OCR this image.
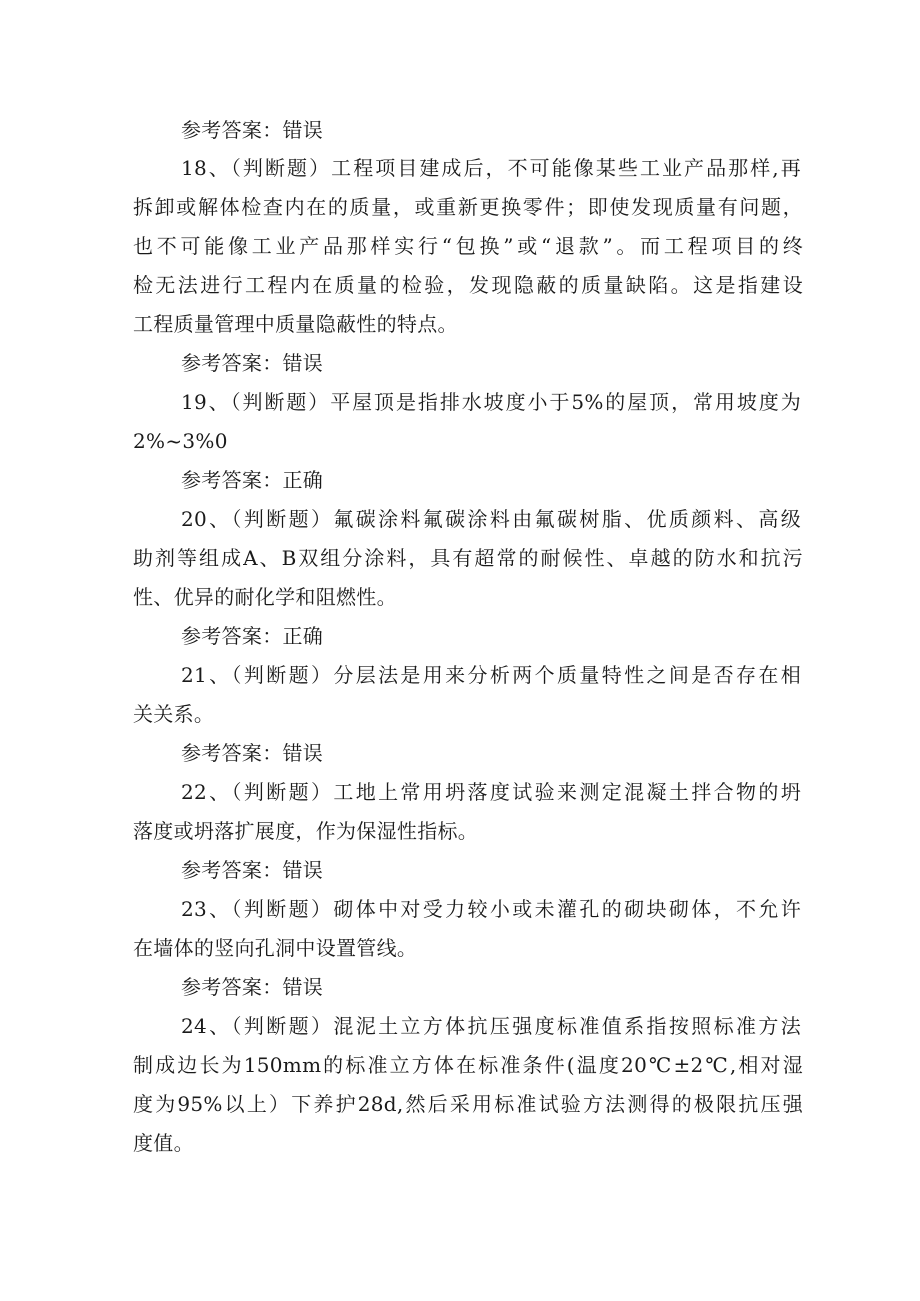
参考答案：错误
18、（判断题）工程项目建成后，不可能像某些工业产品那样,再
拆卸或解体检查内在的质量，或重新更换零件；即使发现质量有问题，
也不可能像工业产品那样实行“包换”或“退款”。而工程项目的终
检无法进行工程内在质量的检验，发现隐蔽的质量缺陷。这是指建设
工程质量管理中质量隐蔽性的特点。
参考答案：错误
19、（判断题）平屋顶是指排水坡度小于5%的屋顶，常用坡度为
2%~3%0
参考答案：正确
20、（判断题）氟碳涂料氟碳涂料由氟碳树脂、优质颜料、高级
助剂等组成A、B双组分涂料，具有超常的耐候性、卓越的防水和抗污
性、优异的耐化学和阻燃性。
参考答案：正确
21、（判断题）分层法是用来分析两个质量特性之间是否存在相
关关系。
参考答案：错误
22、（判断题）工地上常用坍落度试验来测定混凝土拌合物的坍
落度或坍落扩展度，作为保湿性指标。
参考答案：错误
23、（判断题）砌体中对受力较小或未灌孔的砌块砌体，不允许
在墙体的竖向孔洞中设置管线。
参考答案：错误
24、（判断题）混泥土立方体抗压强度标准值系指按照标准方法
制成边长为150mm的标准立方体在标准条件(温度20℃±2℃,相对湿
度为95%以上）下养护28d,然后采用标准试验方法测得的极限抗压强
度值。
